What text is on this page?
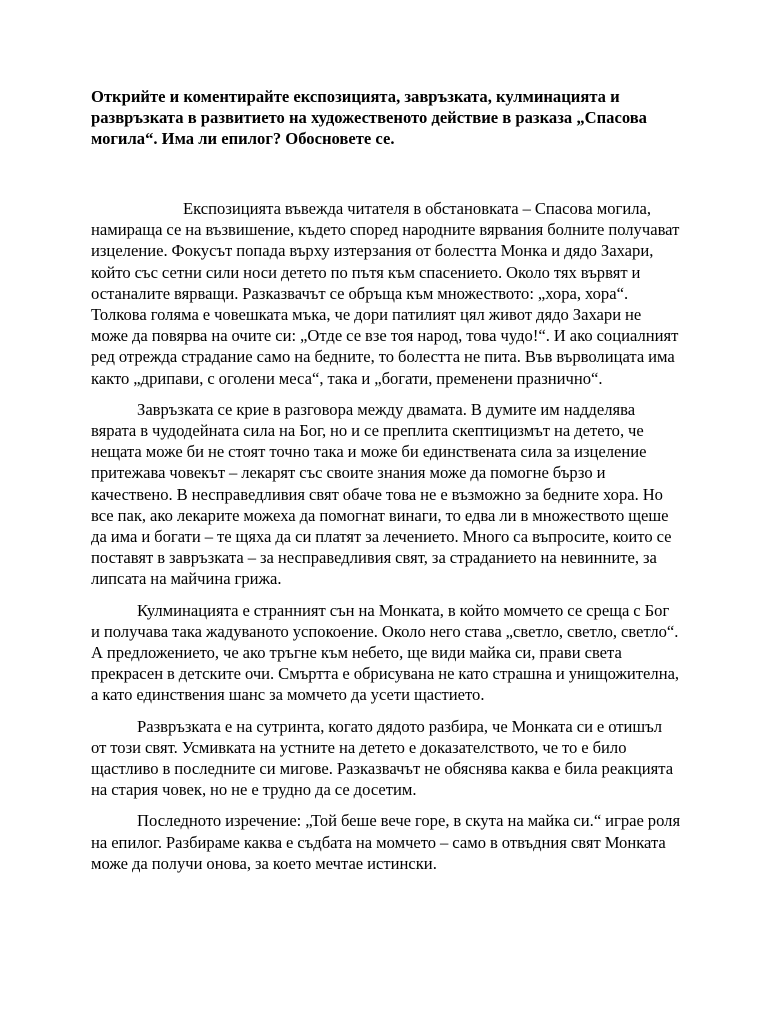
Открийте и коментирайте експозицията, завръзката, кулминацията и развръзката в развитието на художественото действие в разказа „Спасова могила“. Има ли епилог? Обосновете се.

Експозицията въвежда читателя в обстановката – Спасова могила, намираща се на възвишение, където според народните вярвания болните получават изцеление. Фокусът попада върху изтерзания от болестта Монка и дядо Захари, който със сетни сили носи детето по пътя към спасението. Около тях вървят и останалите вярващи. Разказвачът се обръща към множеството: „хора, хора“. Толкова голяма е човешката мъка, че дори патилият цял живот дядо Захари не може да повярва на очите си: „Отде се взе тоя народ, това чудо!“. И ако социалният ред отрежда страдание само на бедните, то болестта не пита. Във върволицата има както „дрипави, с оголени меса“, така и „богати, пременени празнично“.

Завръзката се крие в разговора между двамата. В думите им надделява вярата в чудодейната сила на Бог, но и се преплита скептицизмът на детето, че нещата може би не стоят точно така и може би единствената сила за изцеление притежава човекът – лекарят със своите знания може да помогне бързо и качествено. В несправедливия свят обаче това не е възможно за бедните хора. Но все пак, ако лекарите можеха да помогнат винаги, то едва ли в множеството щеше да има и богати – те щяха да си платят за лечението. Много са въпросите, които се поставят в завръзката – за несправедливия свят, за страданието на невинните, за липсата на майчина грижа.

Кулминацията е странният сън на Монката, в който момчето се среща с Бог и получава така жадуваното успокоение. Около него става „светло, светло, светло“. А предложението, че ако тръгне към небето, ще види майка си, прави света прекрасен в детските очи. Смъртта е обрисувана не като страшна и унищожителна, а като единствения шанс за момчето да усети щастието.

Развръзката е на сутринта, когато дядото разбира, че Монката си е отишъл от този свят. Усмивката на устните на детето е доказателството, че то е било щастливо в последните си мигове. Разказвачът не обяснява каква е била реакцията на стария човек, но не е трудно да се досетим.

Последното изречение: „Той беше вече горе, в скута на майка си.“ играе роля на епилог. Разбираме каква е съдбата на момчето – само в отвъдния свят Монката може да получи онова, за което мечтае истински.
